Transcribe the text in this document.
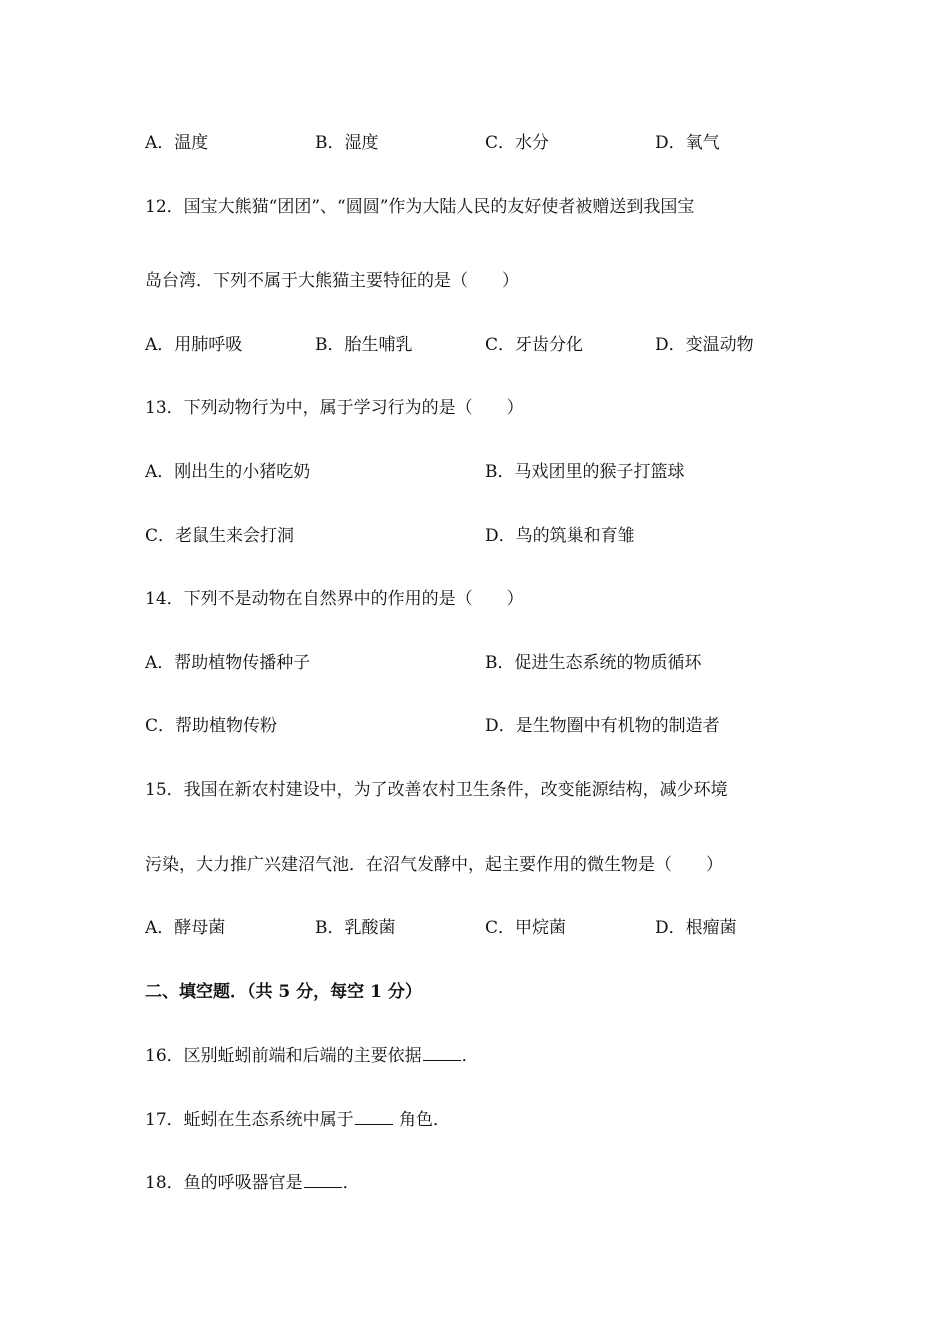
A．温度	B．湿度	C．水分	D．氧气
12．国宝大熊猫“团团”、“圆圆”作为大陆人民的友好使者被赠送到我国宝
岛台湾．下列不属于大熊猫主要特征的是（　　）
A．用肺呼吸	B．胎生哺乳	C．牙齿分化	D．变温动物
13．下列动物行为中，属于学习行为的是（　　）
A．刚出生的小猪吃奶	B．马戏团里的猴子打篮球
C．老鼠生来会打洞	D．鸟的筑巢和育雏
14．下列不是动物在自然界中的作用的是（　　）
A．帮助植物传播种子	B．促进生态系统的物质循环
C．帮助植物传粉	D．是生物圈中有机物的制造者
15．我国在新农村建设中，为了改善农村卫生条件，改变能源结构，减少环境
污染，大力推广兴建沼气池．在沼气发酵中，起主要作用的微生物是（　　）
A．酵母菌	B．乳酸菌	C．甲烷菌	D．根瘤菌
二、填空题．（共 5 分，每空 1 分）
16．区别蚯蚓前端和后端的主要依据 ．
17．蚯蚓在生态系统中属于 角色．
18．鱼的呼吸器官是 ．
